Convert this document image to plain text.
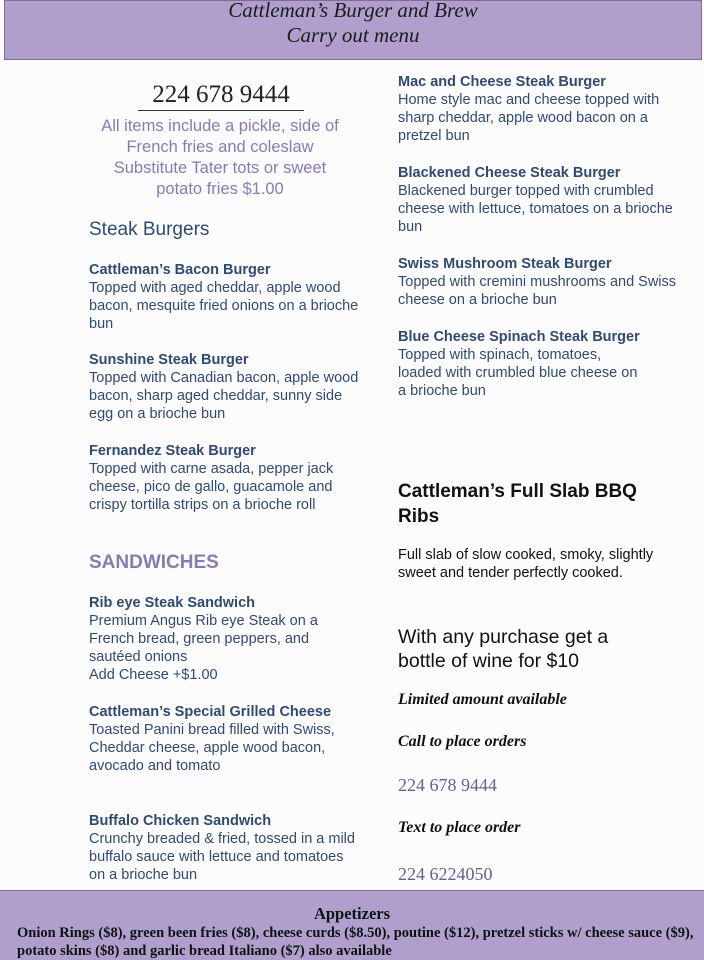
Cattleman’s Burger and Brew
Carry out menu
224 678 9444
All items include a pickle, side of French fries and coleslaw
Substitute Tater tots or sweet potato fries $1.00
Steak Burgers
Cattleman’s Bacon Burger
Topped with aged cheddar, apple wood bacon, mesquite fried onions on a brioche bun
Sunshine Steak Burger
Topped with Canadian bacon, apple wood bacon, sharp aged cheddar, sunny side egg on a brioche bun
Fernandez Steak Burger
Topped with carne asada, pepper jack cheese, pico de gallo, guacamole and crispy tortilla strips on a brioche roll
SANDWICHES
Rib eye Steak Sandwich
Premium Angus Rib eye Steak on a French bread, green peppers, and sautéed onions
Add Cheese +$1.00
Cattleman’s Special Grilled Cheese
Toasted Panini bread filled with Swiss, Cheddar cheese, apple wood bacon, avocado and tomato
Buffalo Chicken Sandwich
Crunchy breaded & fried, tossed in a mild buffalo sauce with lettuce and tomatoes on a brioche bun
Mac and Cheese Steak Burger
Home style mac and cheese topped with sharp cheddar, apple wood bacon on a pretzel bun
Blackened Cheese Steak Burger
Blackened burger topped with crumbled cheese with lettuce, tomatoes on a brioche bun
Swiss Mushroom Steak Burger
Topped with cremini mushrooms and Swiss cheese on a brioche bun
Blue Cheese Spinach Steak Burger
Topped with spinach, tomatoes, loaded with crumbled blue cheese on a brioche bun
Cattleman’s Full Slab BBQ Ribs
Full slab of slow cooked, smoky, slightly sweet and tender perfectly cooked.
With any purchase get a bottle of wine for $10
Limited amount available
Call to place orders
224 678 9444
Text to place order
224 6224050
Appetizers
Onion Rings ($8), green been fries ($8), cheese curds ($8.50), poutine ($12), pretzel sticks w/ cheese sauce ($9), potato skins ($8) and garlic bread Italiano ($7) also available
